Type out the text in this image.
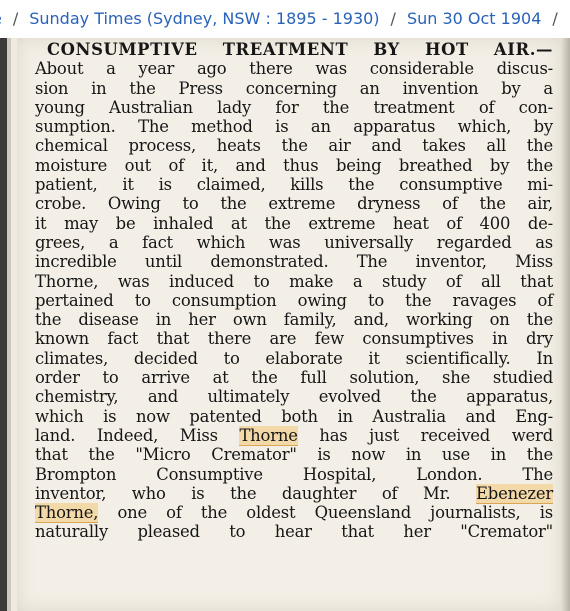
/ Sunday Times (Sydney, NSW : 1895 - 1930) / Sun 30 Oct 1904 /
CONSUMPTIVE TREATMENT BY HOT AIR.—
About a year ago there was considerable discus-
sion in the Press concerning an invention by a
young Australian lady for the treatment of con-
sumption. The method is an apparatus which, by
chemical process, heats the air and takes all the
moisture out of it, and thus being breathed by the
patient, it is claimed, kills the consumptive mi-
crobe. Owing to the extreme dryness of the air,
it may be inhaled at the extreme heat of 400 de-
grees, a fact which was universally regarded as
incredible until demonstrated. The inventor, Miss
Thorne, was induced to make a study of all that
pertained to consumption owing to the ravages of
the disease in her own family, and, working on the
known fact that there are few consumptives in dry
climates, decided to elaborate it scientifically. In
order to arrive at the full solution, she studied
chemistry, and ultimately evolved the apparatus,
which is now patented both in Australia and Eng-
land. Indeed, Miss Thorne has just received werd
that the "Micro Cremator" is now in use in the
Brompton Consumptive Hospital, London. The
inventor, who is the daughter of Mr. Ebenezer
Thorne, one of the oldest Queensland journalists, is
naturally pleased to hear that her "Cremator"
